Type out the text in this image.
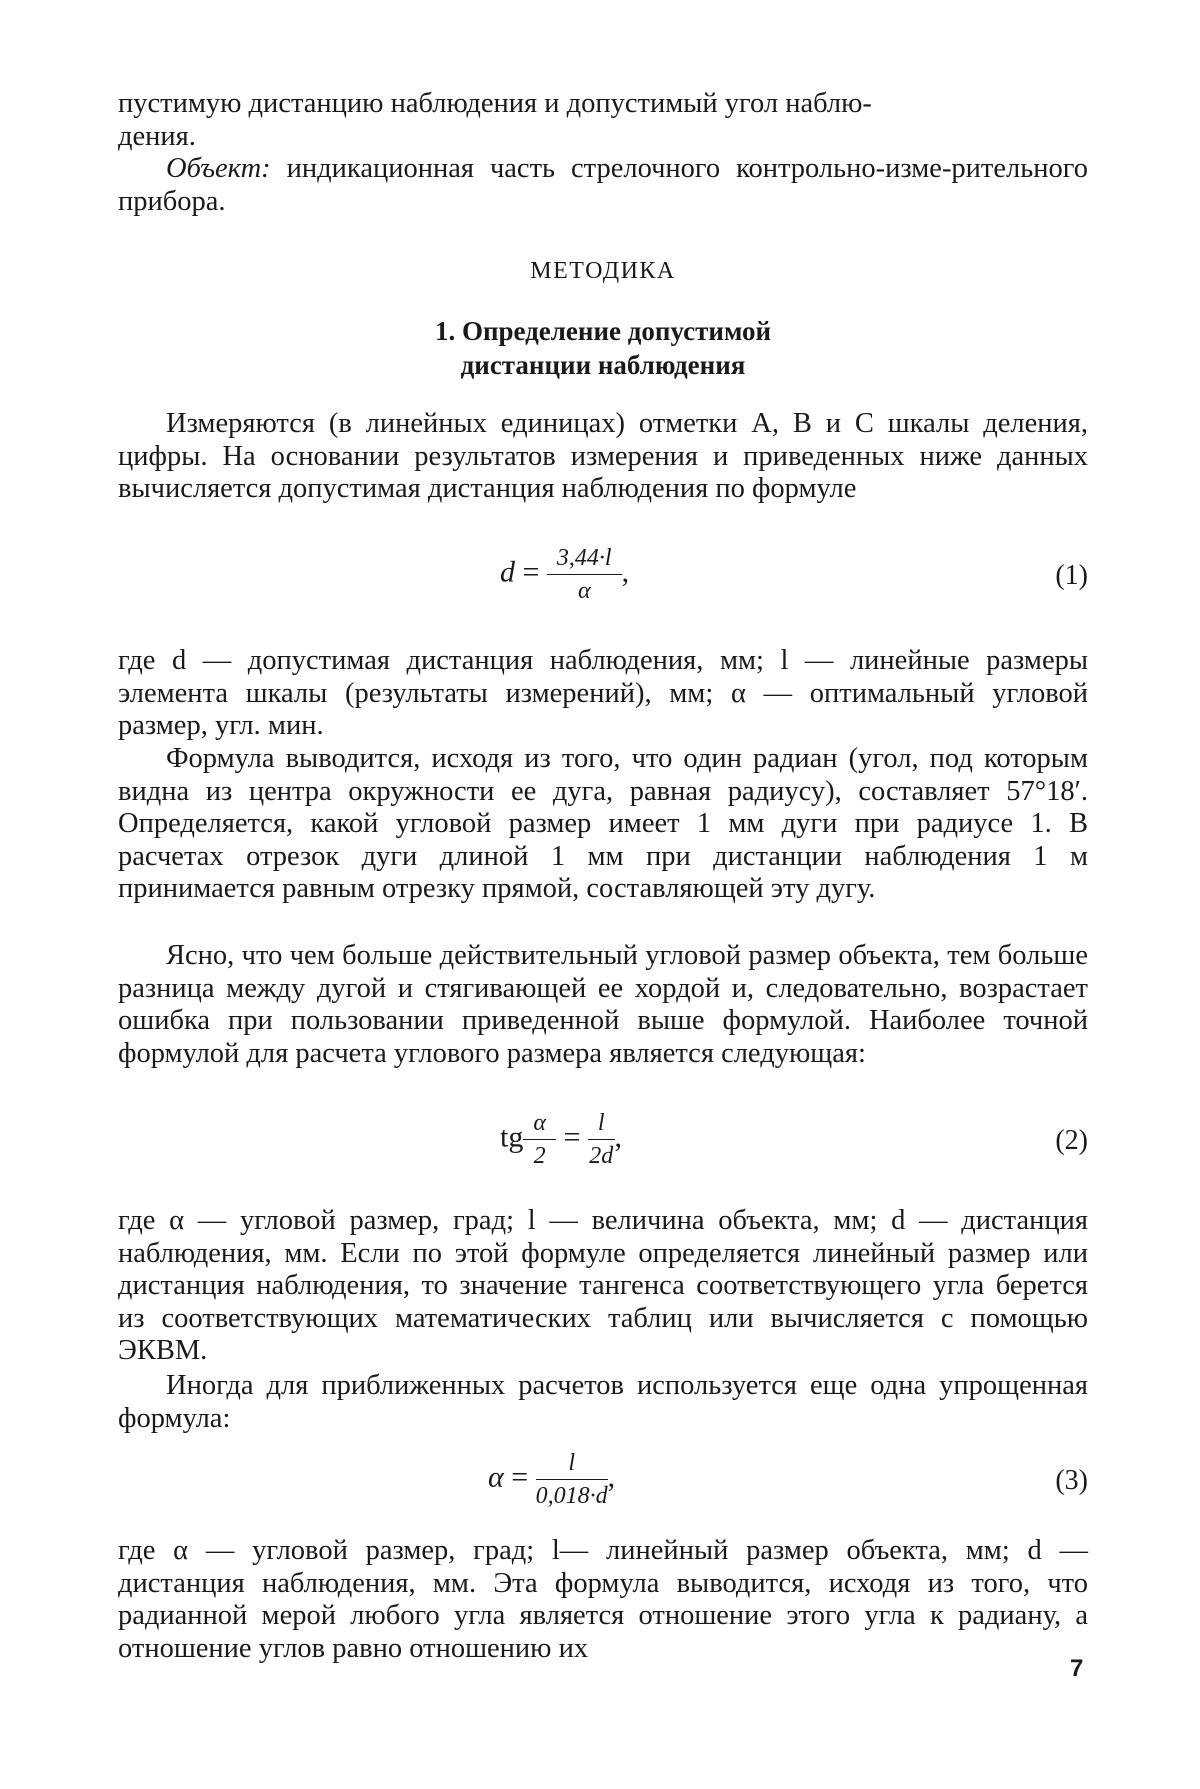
пустимую дистанцию наблюдения и допустимый угол наблю-
дения.

Объект: индикационная часть стрелочного контрольно-изме-рительного прибора.

МЕТОДИКА
1. Определение допустимой
дистанции наблюдения

Измеряются (в линейных единицах) отметки А, В и С шкалы деления, цифры. На основании результатов измерения и приведенных ниже данных вычисляется допустимая дистанция наблюдения по формуле

d = 3,44·l
α
,	(1)

где d — допустимая дистанция наблюдения, мм; l — линейные размеры элемента шкалы (результаты измерений), мм; α — оптимальный угловой размер, угл. мин.

Формула выводится, исходя из того, что один радиан (угол, под которым видна из центра окружности ее дуга, равная радиусу), составляет 57°18′. Определяется, какой угловой размер имеет 1 мм дуги при радиусе 1. В расчетах отрезок дуги длиной 1 мм при дистанции наблюдения 1 м принимается равным отрезку прямой, составляющей эту дугу.

Ясно, что чем больше действительный угловой размер объекта, тем больше разница между дугой и стягивающей ее хордой и, следовательно, возрастает ошибка при пользовании приведенной выше формулой. Наиболее точной формулой для расчета углового размера является следующая:

tg α
2
= l
2d
,	(2)

где α — угловой размер, град; l — величина объекта, мм; d — дистанция наблюдения, мм. Если по этой формуле определяется линейный размер или дистанция наблюдения, то значение тангенса соответствующего угла берется из соответствующих математических таблиц или вычисляется с помощью ЭКВМ.

Иногда для приближенных расчетов используется еще одна упрощенная формула:

α =	l
0,018·d
,	(3)

где α — угловой размер, град; l— линейный размер объекта, мм; d — дистанция наблюдения, мм. Эта формула выводится, исходя из того, что радианной мерой любого угла является отношение этого угла к радиану, а отношение углов равно отношению их

7
